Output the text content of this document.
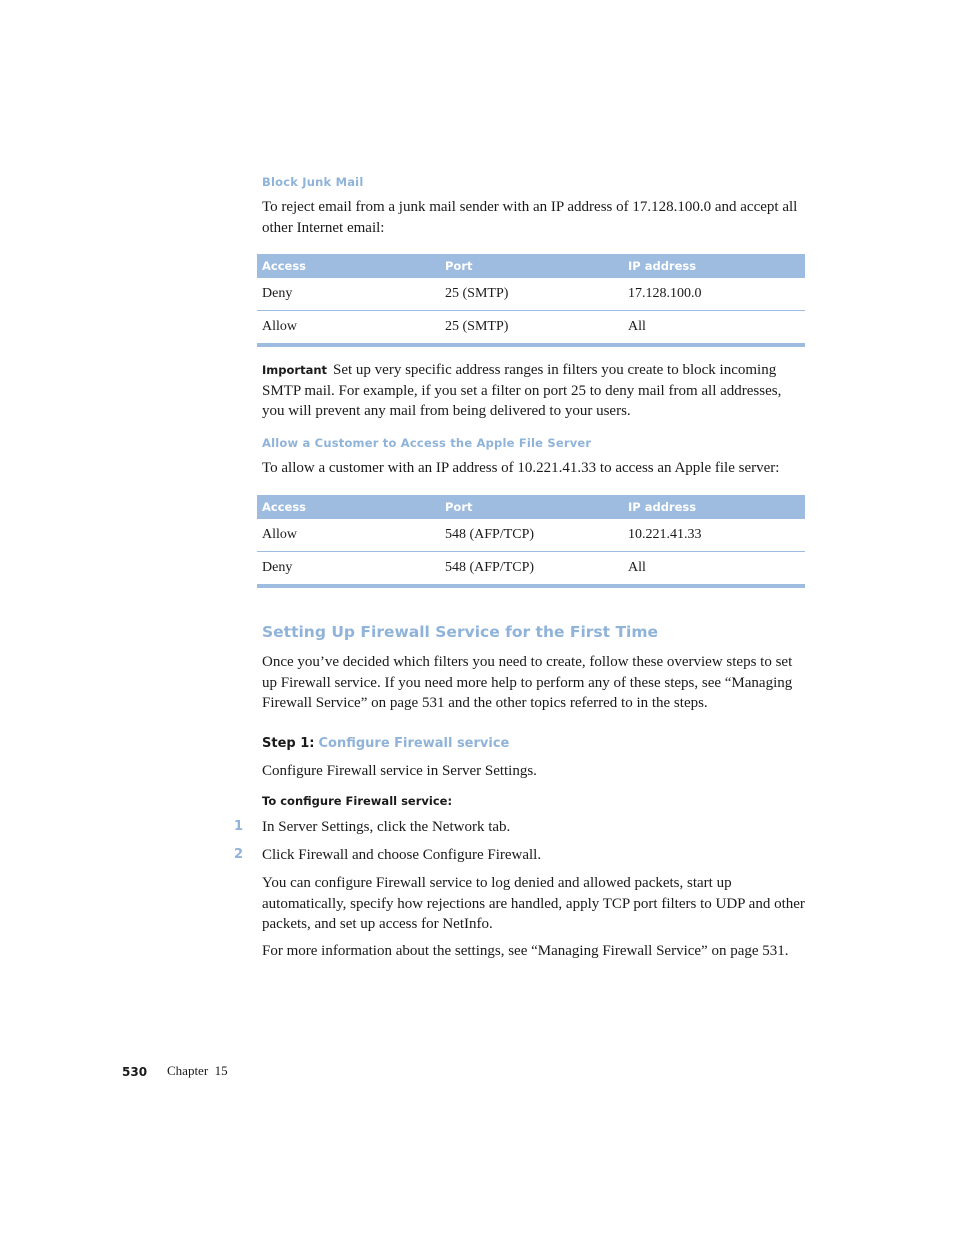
Block Junk Mail
To reject email from a junk mail sender with an IP address of 17.128.100.0 and accept all other Internet email:
Access	Port	IP address
Deny	25 (SMTP)	17.128.100.0
Allow	25 (SMTP)	All
Important Set up very specific address ranges in filters you create to block incoming SMTP mail. For example, if you set a filter on port 25 to deny mail from all addresses, you will prevent any mail from being delivered to your users.
Allow a Customer to Access the Apple File Server
To allow a customer with an IP address of 10.221.41.33 to access an Apple file server:
Access	Port	IP address
Allow	548 (AFP/TCP)	10.221.41.33
Deny	548 (AFP/TCP)	All
Setting Up Firewall Service for the First Time
Once you’ve decided which filters you need to create, follow these overview steps to set up Firewall service. If you need more help to perform any of these steps, see “Managing Firewall Service” on page 531 and the other topics referred to in the steps.
Step 1: Configure Firewall service
Configure Firewall service in Server Settings.
To configure Firewall service:
1 In Server Settings, click the Network tab.
2 Click Firewall and choose Configure Firewall.
You can configure Firewall service to log denied and allowed packets, start up automatically, specify how rejections are handled, apply TCP port filters to UDP and other packets, and set up access for NetInfo.
For more information about the settings, see “Managing Firewall Service” on page 531.
530 Chapter  15
